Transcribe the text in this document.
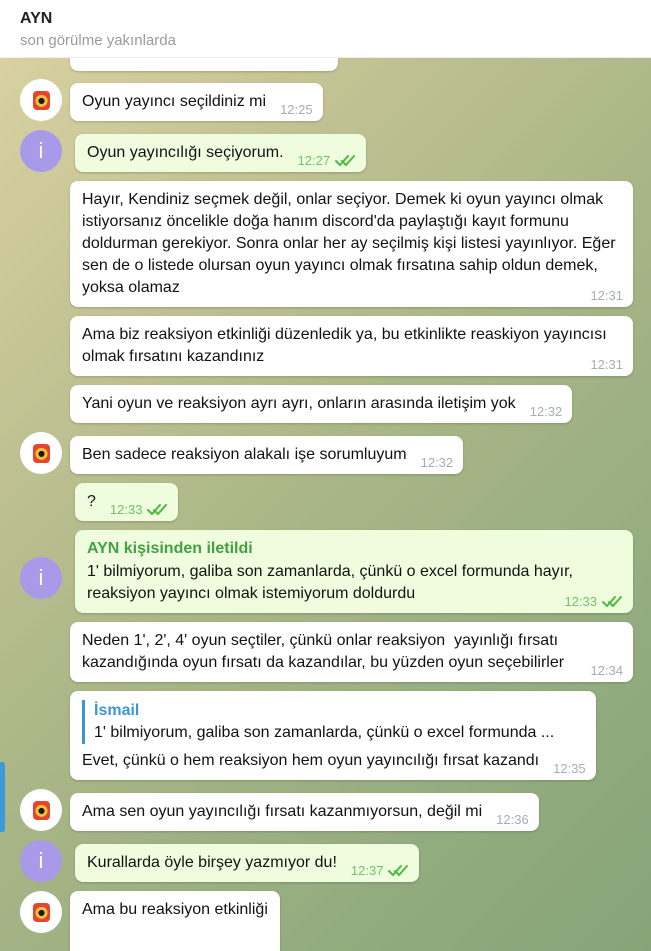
AYN
son görülme yakınlarda
Oyun yayıncı seçildiniz mi 12:25
i	Oyun yayıncılığı seçiyorum. 12:27
Hayır, Kendiniz seçmek değil, onlar seçiyor. Demek ki oyun yayıncı olmak istiyorsanız öncelikle doğa hanım discord'da paylaştığı kayıt formunu doldurman gerekiyor. Sonra onlar her ay seçilmiş kişi listesi yayınlıyor. Eğer sen de o listede olursan oyun yayıncı olmak fırsatına sahip oldun demek, yoksa olamaz	12:31
Ama biz reaksiyon etkinliği düzenledik ya, bu etkinlikte reaskiyon yayıncısı olmak fırsatını kazandınız	12:31
Yani oyun ve reaksiyon ayrı ayrı, onların arasında iletişim yok 12:32
Ben sadece reaksiyon alakalı işe sorumluyum 12:32
? 12:33
i
AYN kişisinden iletildi
1' bilmiyorum, galiba son zamanlarda, çünkü o excel formunda hayır, reaksiyon yayıncı olmak istemiyorum doldurdu	12:33
Neden 1', 2', 4' oyun seçtiler, çünkü onlar reaksiyon  yayınlığı fırsatı kazandığında oyun fırsatı da kazandılar, bu yüzden oyun seçebilirler 12:34
İsmail
1' bilmiyorum, galiba son zamanlarda, çünkü o excel formunda ...
Evet, çünkü o hem reaksiyon hem oyun yayıncılığı fırsat kazandı 12:35
Ama sen oyun yayıncılığı fırsatı kazanmıyorsun, değil mi 12:36
i	Kurallarda öyle birşey yazmıyor du! 12:37
Ama bu reaksiyon etkinliği
